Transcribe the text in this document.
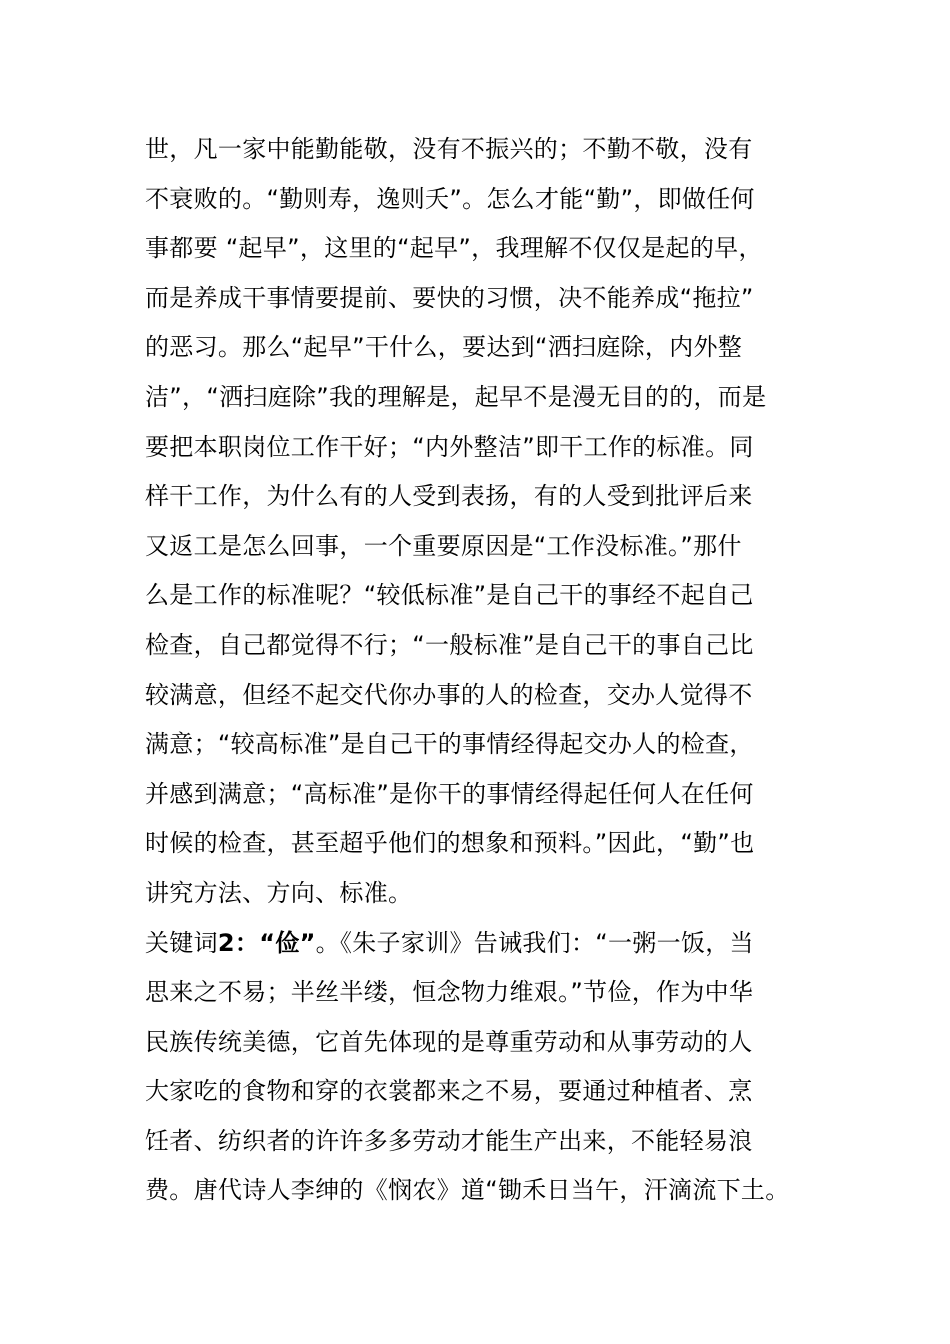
世，凡一家中能勤能敬，没有不振兴的；不勤不敬，没有
不衰败的。“勤则寿，逸则夭”。怎么才能“勤”，即做任何
事都要 “起早”，这里的“起早”，我理解不仅仅是起的早，
而是养成干事情要提前、要快的习惯，决不能养成“拖拉”
的恶习。那么“起早”干什么，要达到“洒扫庭除，内外整
洁”，“洒扫庭除”我的理解是，起早不是漫无目的的，而是
要把本职岗位工作干好；“内外整洁”即干工作的标准。同
样干工作，为什么有的人受到表扬，有的人受到批评后来
又返工是怎么回事，一个重要原因是“工作没标准。”那什
么是工作的标准呢？“较低标准”是自己干的事经不起自己
检查，自己都觉得不行；“一般标准”是自己干的事自己比
较满意，但经不起交代你办事的人的检查，交办人觉得不
满意；“较高标准”是自己干的事情经得起交办人的检查，
并感到满意；“高标准”是你干的事情经得起任何人在任何
时候的检查，甚至超乎他们的想象和预料。”因此，“勤”也
讲究方法、方向、标准。
关键词2：“俭”。《朱子家训》告诫我们：“一粥一饭，当
思来之不易；半丝半缕，恒念物力维艰。”节俭，作为中华
民族传统美德，它首先体现的是尊重劳动和从事劳动的人
大家吃的食物和穿的衣裳都来之不易，要通过种植者、烹
饪者、纺织者的许许多多劳动才能生产出来，不能轻易浪
费。唐代诗人李绅的《悯农》道“锄禾日当午，汗滴流下土。
